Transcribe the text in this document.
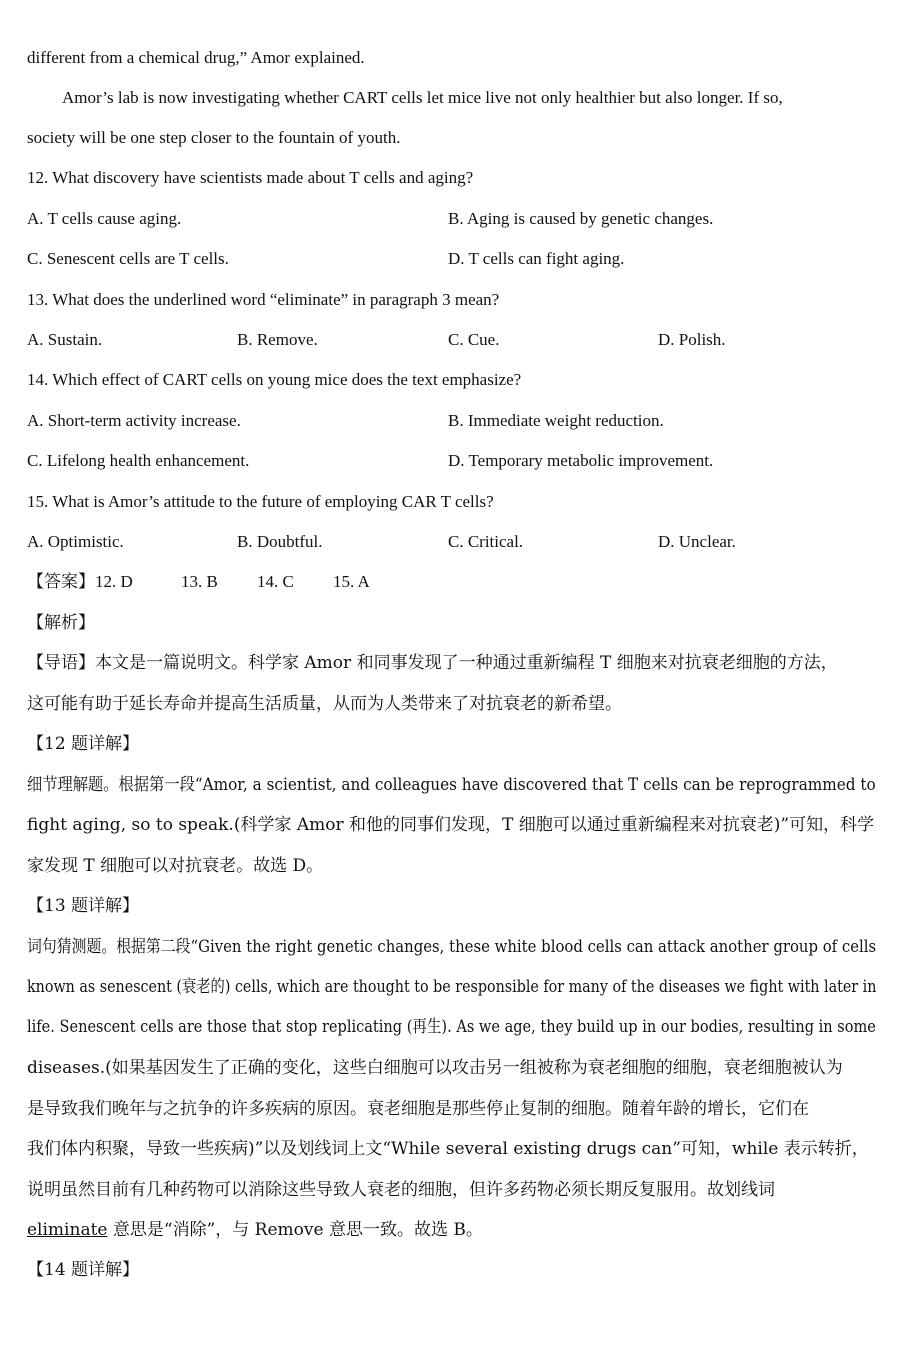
different from a chemical drug,” Amor explained.
Amor’s lab is now investigating whether CART cells let mice live not only healthier but also longer. If so,
society will be one step closer to the fountain of youth.
12. What discovery have scientists made about T cells and aging?
A. T cells cause aging.	B. Aging is caused by genetic changes.
C. Senescent cells are T cells.	D. T cells can fight aging.
13. What does the underlined word “eliminate” in paragraph 3 mean?
A. Sustain.	B. Remove.	C. Cue.	D. Polish.
14. Which effect of CART cells on young mice does the text emphasize?
A. Short-term activity increase.	B. Immediate weight reduction.
C. Lifelong health enhancement.	D. Temporary metabolic improvement.
15. What is Amor’s attitude to the future of employing CAR T cells?
A. Optimistic.	B. Doubtful.	C. Critical.	D. Unclear.
【答案】12. D	13. B 14. C 15. A
【解析】
【导语】本文是一篇说明文。科学家 Amor 和同事发现了一种通过重新编程 T 细胞来对抗衰老细胞的方法，
这可能有助于延长寿命并提高生活质量，从而为人类带来了对抗衰老的新希望。
【12 题详解】
细节理解题。根据第一段“Amor, a scientist, and colleagues have discovered that T cells can be reprogrammed to
fight aging, so to speak.(科学家 Amor 和他的同事们发现，T 细胞可以通过重新编程来对抗衰老)”可知，科学
家发现 T 细胞可以对抗衰老。故选 D。
【13 题详解】
词句猜测题。根据第二段“Given the right genetic changes, these white blood cells can attack another group of cells
known as senescent (衰老的) cells, which are thought to be responsible for many of the diseases we fight with later in
life. Senescent cells are those that stop replicating (再生). As we age, they build up in our bodies, resulting in some
diseases.(如果基因发生了正确的变化，这些白细胞可以攻击另一组被称为衰老细胞的细胞，衰老细胞被认为
是导致我们晚年与之抗争的许多疾病的原因。衰老细胞是那些停止复制的细胞。随着年龄的增长，它们在
我们体内积聚，导致一些疾病)”以及划线词上文“While several existing drugs can”可知，while 表示转折，
说明虽然目前有几种药物可以消除这些导致人衰老的细胞，但许多药物必须长期反复服用。故划线词
eliminate 意思是“消除”，与 Remove 意思一致。故选 B。
【14 题详解】
